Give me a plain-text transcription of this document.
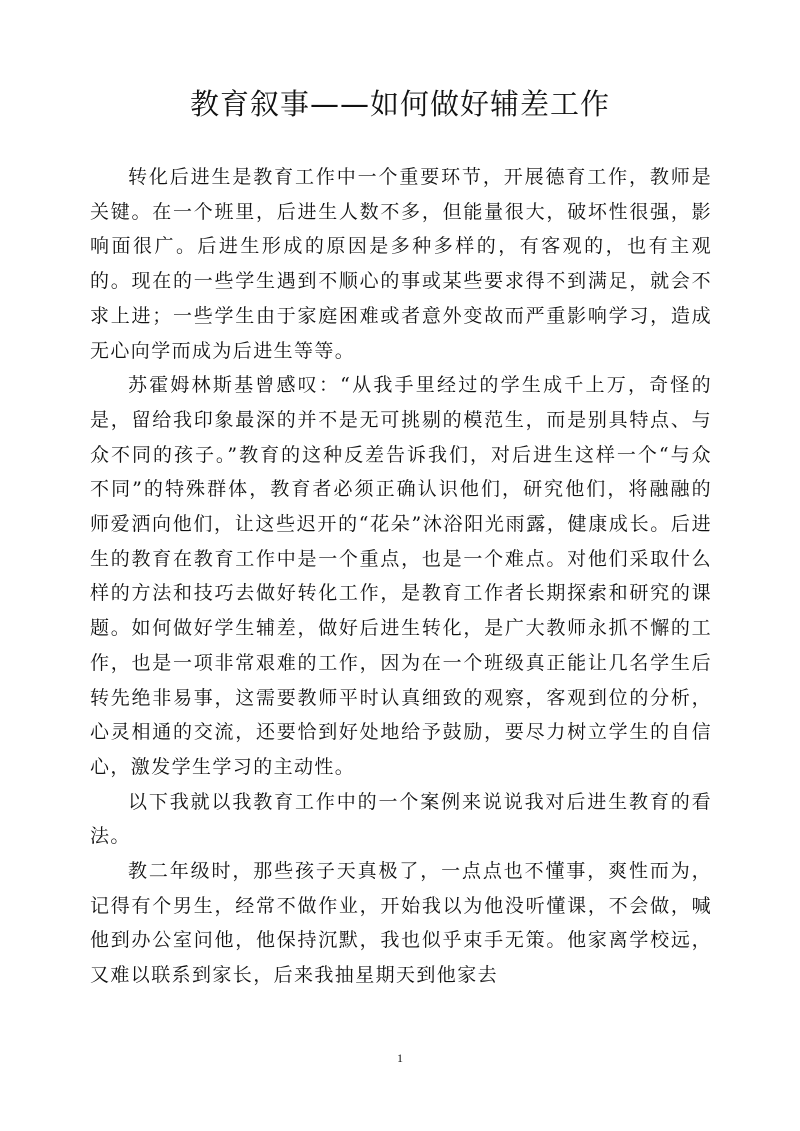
教育叙事——如何做好辅差工作

转化后进生是教育工作中一个重要环节，开展德育工作，教师是关键。在一个班里，后进生人数不多，但能量很大，破坏性很强，影响面很广。后进生形成的原因是多种多样的，有客观的，也有主观的。现在的一些学生遇到不顺心的事或某些要求得不到满足，就会不求上进；一些学生由于家庭困难或者意外变故而严重影响学习，造成无心向学而成为后进生等等。

苏霍姆林斯基曾感叹：“从我手里经过的学生成千上万，奇怪的是，留给我印象最深的并不是无可挑剔的模范生，而是别具特点、与众不同的孩子。”教育的这种反差告诉我们，对后进生这样一个“与众不同”的特殊群体，教育者必须正确认识他们，研究他们，将融融的师爱洒向他们，让这些迟开的“花朵”沐浴阳光雨露，健康成长。后进生的教育在教育工作中是一个重点，也是一个难点。对他们采取什么样的方法和技巧去做好转化工作，是教育工作者长期探索和研究的课题。如何做好学生辅差，做好后进生转化，是广大教师永抓不懈的工作，也是一项非常艰难的工作，因为在一个班级真正能让几名学生后转先绝非易事，这需要教师平时认真细致的观察，客观到位的分析，心灵相通的交流，还要恰到好处地给予鼓励，要尽力树立学生的自信心，激发学生学习的主动性。

以下我就以我教育工作中的一个案例来说说我对后进生教育的看法。

教二年级时，那些孩子天真极了，一点点也不懂事，爽性而为，记得有个男生，经常不做作业，开始我以为他没听懂课，不会做，喊他到办公室问他，他保持沉默，我也似乎束手无策。他家离学校远，又难以联系到家长，后来我抽星期天到他家去

1
